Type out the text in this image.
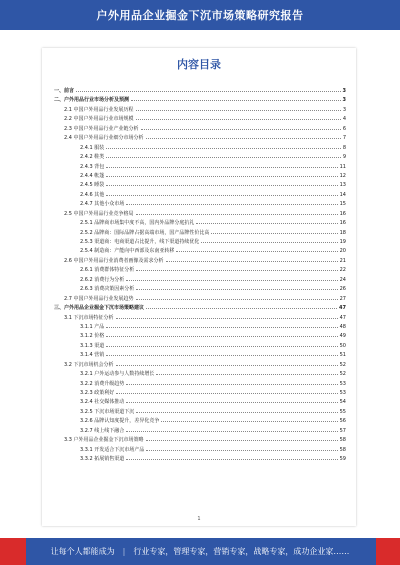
户外用品企业掘金下沉市场策略研究报告
内容目录
一、前言	3
二、户外用品行业市场分析及预测	3
2.1 中国户外用品行业发展历程	3
2.2 中国户外用品行业市场规模	4
2.3 中国户外用品行业产业链分析	6
2.4 中国户外用品行业细分市场分析	7
2.4.1 服装	8
2.4.2 鞋类	9
2.4.3 背包	11
2.4.4 帐篷	12
2.4.5 睡袋	13
2.4.6 其他	14
2.4.7 其他小众市场	15
2.5 中国户外用品行业竞争格局	16
2.5.1 品牌商市场集中度不高，国内外品牌分庭抗礼	16
2.5.2 品牌商：国际品牌占据高端市场，国产品牌性价比高	18
2.5.3 渠道商：电商渠道占比提升，线下渠道持续优化	19
2.5.4 制造商：产能向中西部及东南亚转移	20
2.6 中国户外用品行业消费者画像及需求分析	21
2.6.1 消费群体特征分析	22
2.6.2 消费行为分析	24
2.6.3 消费决策因素分析	26
2.7 中国户外用品行业发展趋势	27
三、户外用品企业掘金下沉市场策略建议	47
3.1 下沉市场特征分析	47
3.1.1 产品	48
3.1.2 价格	49
3.1.3 渠道	50
3.1.4 营销	51
3.2 下沉市场机会分析	52
3.2.1 户外运动参与人数持续增长	52
3.2.2 消费升级趋势	53
3.2.3 政策利好	53
3.2.4 社交媒体推动	54
3.2.5 下沉市场渠道下沉	55
3.2.6 品牌认知度提升，差异化竞争	56
3.2.7 线上线下融合	57
3.3 户外用品企业掘金下沉市场策略	58
3.3.1 开发适合下沉市场产品	58
3.3.2 拓展销售渠道	59
1
让每个人都能成为 | 行业专家，管理专家，营销专家，战略专家，成功企业家……
